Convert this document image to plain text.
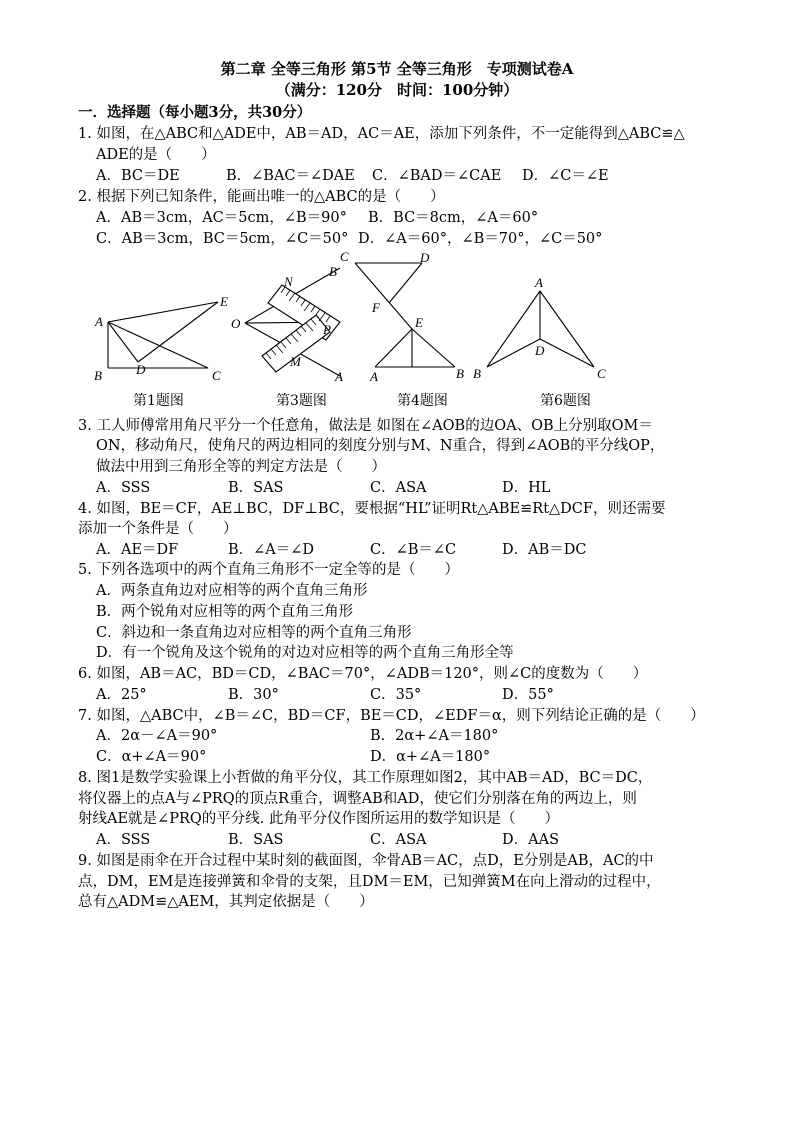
第二章 全等三角形 第5节 全等三角形　专项测试卷A
（满分：120分　时间：100分钟）
一．选择题（每小题3分，共30分）
1. 如图，在△ABC和△ADE中，AB＝AD，AC＝AE，添加下列条件，不一定能得到△ABC≌△
ADE的是（　　）
A．BC＝DE	B．∠BAC＝∠DAE C．∠BAD＝∠CAE D．∠C＝∠E
2. 根据下列已知条件，能画出唯一的△ABC的是（　　）
A．AB＝3cm，AC＝5cm，∠B＝90° B．BC＝8cm，∠A＝60°
C．AB＝3cm，BC＝5cm，∠C＝50° D．∠A＝60°，∠B＝70°，∠C＝50°
A
B	C
D
E
O
N
M
P
A
B
C	D
F
E
A	B
A
B	C
D
第1题图	第3题图	第4题图	第6题图
3. 工人师傅常用角尺平分一个任意角，做法是 如图在∠AOB的边OA、OB上分别取OM＝
ON，移动角尺，使角尺的两边相同的刻度分别与M、N重合，得到∠AOB的平分线OP，
做法中用到三角形全等的判定方法是（　　）
A．SSS	B．SAS	C．ASA	D．HL
4. 如图，BE＝CF，AE⊥BC，DF⊥BC，要根据“HL”证明Rt△ABE≌Rt△DCF，则还需要
添加一个条件是（　　）
A．AE＝DF	B．∠A＝∠D	C．∠B＝∠C	D．AB＝DC
5. 下列各选项中的两个直角三角形不一定全等的是（　　）
A．两条直角边对应相等的两个直角三角形
B．两个锐角对应相等的两个直角三角形
C．斜边和一条直角边对应相等的两个直角三角形
D．有一个锐角及这个锐角的对边对应相等的两个直角三角形全等
6. 如图，AB＝AC，BD＝CD，∠BAC＝70°，∠ADB＝120°，则∠C的度数为（　　）
A．25°	B．30°	C．35°	D．55°
7. 如图，△ABC中，∠B＝∠C，BD＝CF，BE＝CD，∠EDF＝α，则下列结论正确的是（　　）
A．2α－∠A＝90°	B．2α+∠A＝180°
C．α+∠A＝90°	D．α+∠A＝180°
8. 图1是数学实验课上小哲做的角平分仪，其工作原理如图2，其中AB＝AD，BC＝DC，
将仪器上的点A与∠PRQ的顶点R重合，调整AB和AD，使它们分别落在角的两边上，则
射线AE就是∠PRQ的平分线. 此角平分仪作图所运用的数学知识是（　　）
A．SSS	B．SAS	C．ASA	D．AAS
9. 如图是雨伞在开合过程中某时刻的截面图，伞骨AB＝AC，点D，E分别是AB，AC的中
点，DM，EM是连接弹簧和伞骨的支架，且DM＝EM，已知弹簧M在向上滑动的过程中，
总有△ADM≌△AEM，其判定依据是（　　）
